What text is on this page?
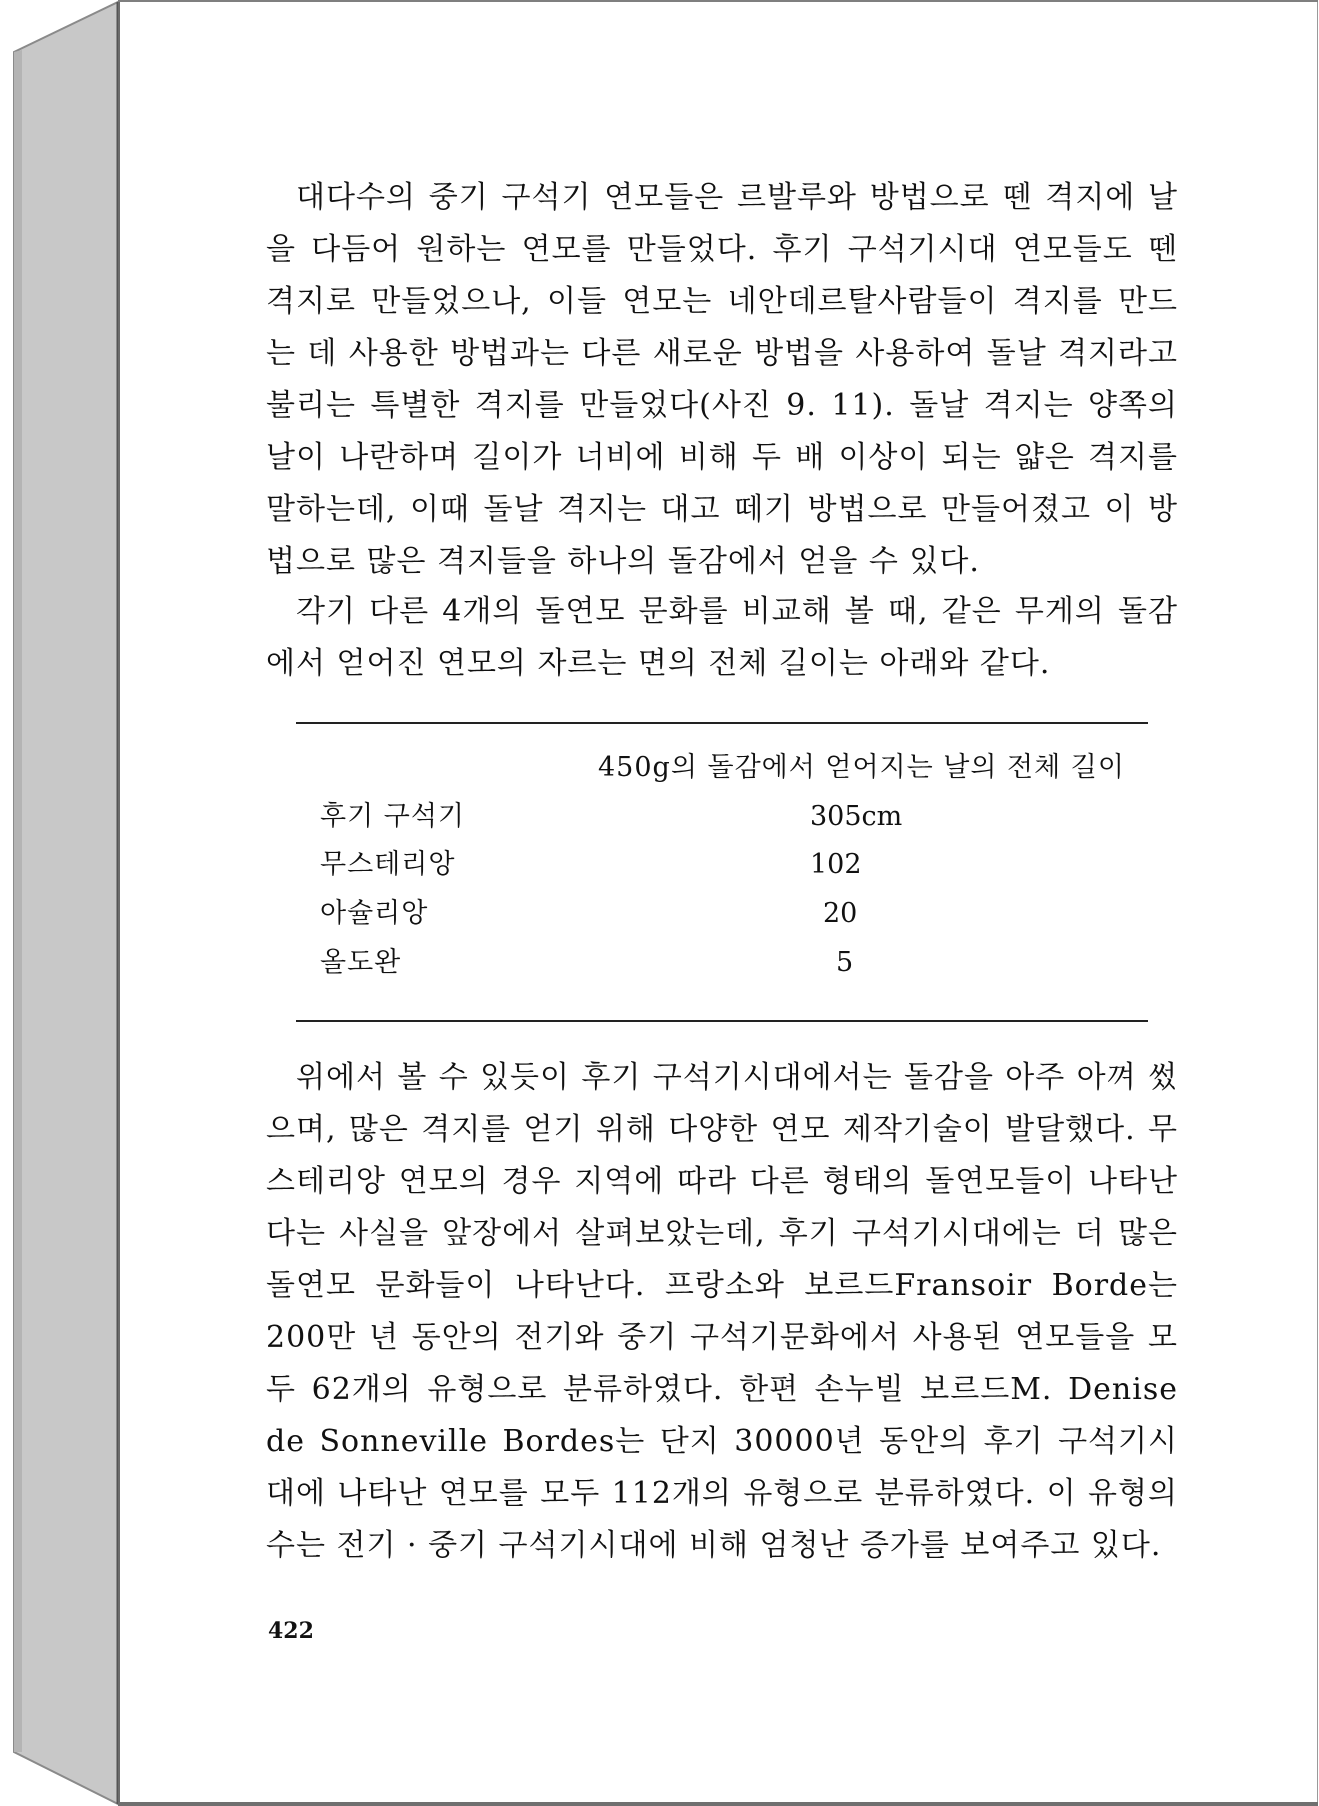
대다수의 중기 구석기 연모들은 르발루와 방법으로 뗀 격지에 날을 다듬어 원하는 연모를 만들었다. 후기 구석기시대 연모들도 뗀 격지로 만들었으나, 이들 연모는 네안데르탈사람들이 격지를 만드는 데 사용한 방법과는 다른 새로운 방법을 사용하여 돌날 격지라고 불리는 특별한 격지를 만들었다(사진 9. 11). 돌날 격지는 양쪽의 날이 나란하며 길이가 너비에 비해 두 배 이상이 되는 얇은 격지를 말하는데, 이때 돌날 격지는 대고 떼기 방법으로 만들어졌고 이 방법으로 많은 격지들을 하나의 돌감에서 얻을 수 있다.

각기 다른 4개의 돌연모 문화를 비교해 볼 때, 같은 무게의 돌감에서 얻어진 연모의 자르는 면의 전체 길이는 아래와 같다.

450g의 돌감에서 얻어지는 날의 전체 길이
후기 구석기	305cm
무스테리앙	102
아슐리앙	20
올도완	5

위에서 볼 수 있듯이 후기 구석기시대에서는 돌감을 아주 아껴 썼으며, 많은 격지를 얻기 위해 다양한 연모 제작기술이 발달했다. 무스테리앙 연모의 경우 지역에 따라 다른 형태의 돌연모들이 나타난다는 사실을 앞장에서 살펴보았는데, 후기 구석기시대에는 더 많은 돌연모 문화들이 나타난다. 프랑소와 보르드Fransoir Borde는 200만 년 동안의 전기와 중기 구석기문화에서 사용된 연모들을 모두 62개의 유형으로 분류하였다. 한편 손누빌 보르드M. Denise de Sonneville Bordes는 단지 30000년 동안의 후기 구석기시대에 나타난 연모를 모두 112개의 유형으로 분류하였다. 이 유형의 수는 전기 · 중기 구석기시대에 비해 엄청난 증가를 보여주고 있다.

422
